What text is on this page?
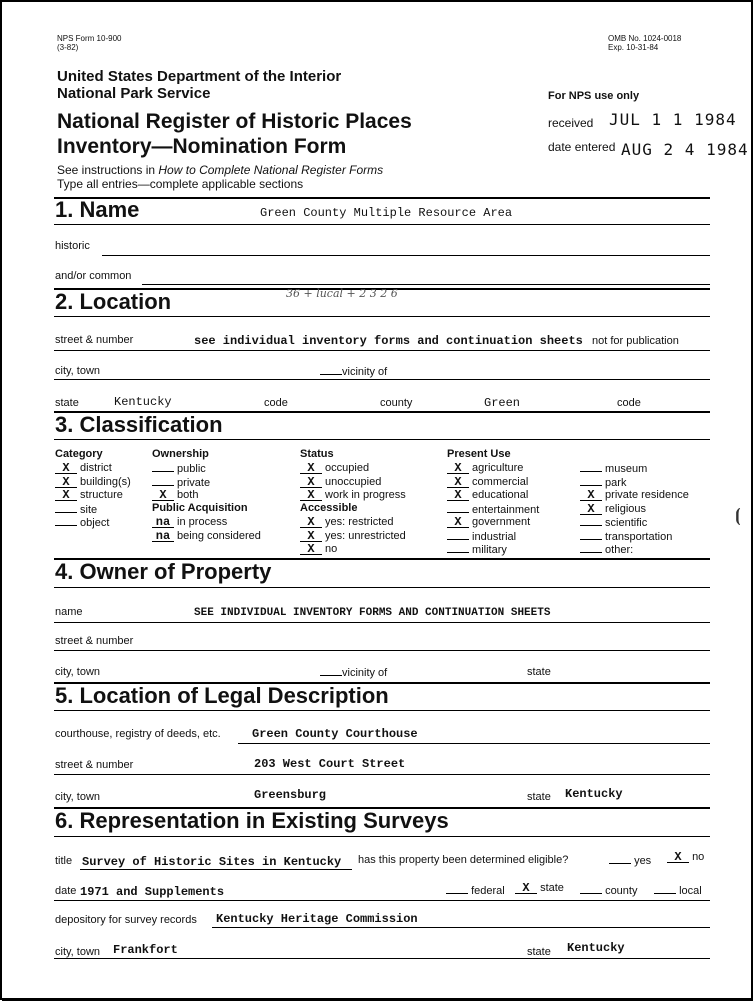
NPS Form 10-900
(3-82)
OMB No. 1024-0018
Exp. 10-31-84
United States Department of the Interior
National Park Service
National Register of Historic Places
Inventory—Nomination Form
See instructions in How to Complete National Register Forms
Type all entries—complete applicable sections
For NPS use only
received JUL 1 1 1984
date entered AUG 2 4 1984
1. Name	Green County Multiple Resource Area
historic
and/or common
2. Location	36 + lucal + 2 3 2 6
street & number	see individual inventory forms and continuation sheets not for publication
city, town	vicinity of
state	Kentucky	code	county	Green	code
3. Classification
Category
X district
X building(s)
X structure
site
object
Ownership
public
private
X both
Public Acquisition
na in process
na being considered
Status
X occupied
X unoccupied
X work in progress
Accessible
X yes: restricted
X yes: unrestricted
X no
Present Use
X agriculture
X commercial
X educational
entertainment
X government
industrial
military
museum
park
X private residence
X religious
scientific
transportation
other:
⦗
4. Owner of Property
name	SEE INDIVIDUAL INVENTORY FORMS AND CONTINUATION SHEETS
street & number
city, town	vicinity of	state
5. Location of Legal Description
courthouse, registry of deeds, etc.	Green County Courthouse
street & number	203 West Court Street
city, town	Greensburg	state Kentucky
6. Representation in Existing Surveys
title Survey of Historic Sites in Kentucky has this property been determined eligible?	yes	X no
date 1971 and Supplements	federal	X state	county	local
depository for survey records Kentucky Heritage Commission
city, town Frankfort	state Kentucky
